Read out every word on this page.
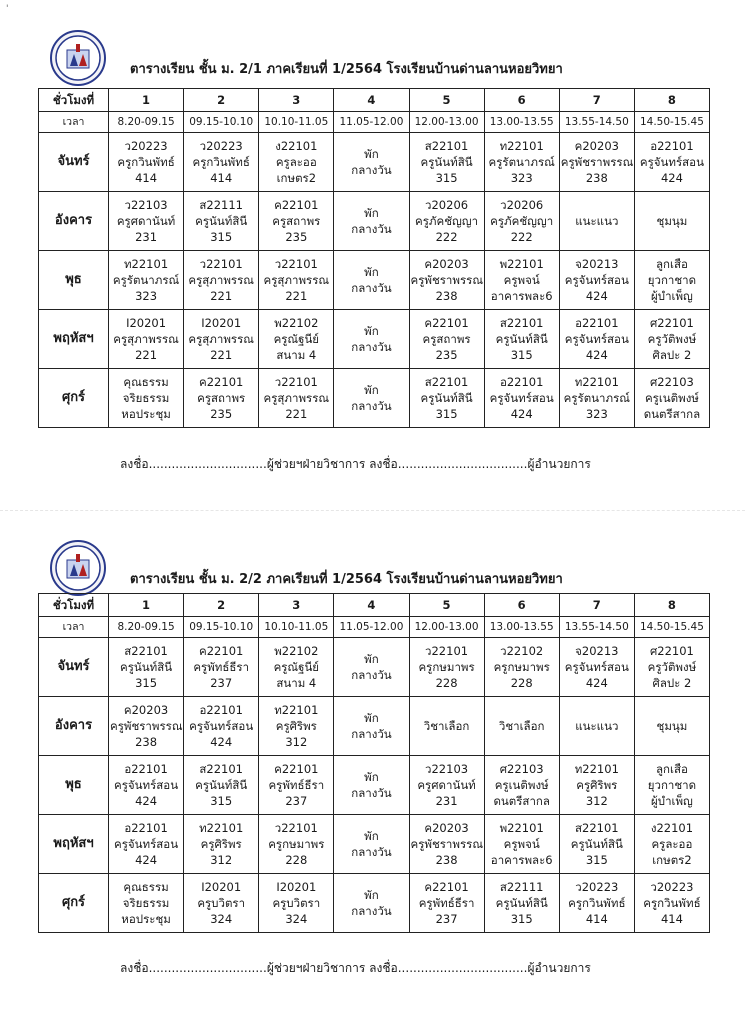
'
ตารางเรียน ชั้น ม. 2/1 ภาคเรียนที่ 1/2564 โรงเรียนบ้านด่านลานหอยวิทยา
ชั่วโมงที่	1	2	3	4	5	6	7	8
เวลา	8.20-09.15	09.15-10.10	10.10-11.05	11.05-12.00	12.00-13.00	13.00-13.55	13.55-14.50	14.50-15.45
จันทร์	ว20223
ครูกวินพัทธ์
414	ว20223
ครูกวินพัทธ์
414	ง22101
ครูละออ
เกษตร2	พัก
กลางวัน	ส22101
ครูนันท์สินี
315	ท22101
ครูรัตนาภรณ์
323	ค20203
ครูพัชราพรรณ
238	อ22101
ครูจันทร์สอน
424

อังคาร	ว22103
ครูศดานันท์
231	ส22111
ครูนันท์สินี
315	ค22101
ครูสถาพร
235	พัก
กลางวัน	ว20206
ครูภัคชัญญา
222	ว20206
ครูภัคชัญญา
222	แนะแนว	ชุมนุม

พุธ	ท22101
ครูรัตนาภรณ์
323	ว22101
ครูสุภาพรรณ
221	ว22101
ครูสุภาพรรณ
221	พัก
กลางวัน	ค20203
ครูพัชราพรรณ
238	พ22101
ครูพจน์
อาคารพละ6	จ20213
ครูจันทร์สอน
424	ลูกเสือ
ยุวกาชาด
ผู้บำเพ็ญ

พฤหัสฯ	I20201
ครูสุภาพรรณ
221	I20201
ครูสุภาพรรณ
221	พ22102
ครูณัฐนีย์
สนาม 4	พัก
กลางวัน	ค22101
ครูสถาพร
235	ส22101
ครูนันท์สินี
315	อ22101
ครูจันทร์สอน
424	ศ22101
ครูวัติพงษ์
ศิลปะ 2

ศุกร์	คุณธรรม
จริยธรรม
หอประชุม	ค22101
ครูสถาพร
235	ว22101
ครูสุภาพรรณ
221	พัก
กลางวัน	ส22101
ครูนันท์สินี
315	อ22101
ครูจันทร์สอน
424	ท22101
ครูรัตนาภรณ์
323	ศ22103
ครูเนติพงษ์
ดนตรีสากล
ลงชื่อ...............................ผู้ช่วยฯฝ่ายวิชาการ ลงชื่อ..................................ผู้อำนวยการ
ตารางเรียน ชั้น ม. 2/2 ภาคเรียนที่ 1/2564 โรงเรียนบ้านด่านลานหอยวิทยา
ชั่วโมงที่	1	2	3	4	5	6	7	8
เวลา	8.20-09.15	09.15-10.10	10.10-11.05	11.05-12.00	12.00-13.00	13.00-13.55	13.55-14.50	14.50-15.45
จันทร์	ส22101
ครูนันท์สินี
315	ค22101
ครูพัทธ์ธีรา
237	พ22102
ครูณัฐนีย์
สนาม 4	พัก
กลางวัน	ว22101
ครูกษมาพร
228	ว22102
ครูกษมาพร
228	จ20213
ครูจันทร์สอน
424	ศ22101
ครูวัติพงษ์
ศิลปะ 2

อังคาร	ค20203
ครูพัชราพรรณ
238	อ22101
ครูจันทร์สอน
424	ท22101
ครูศิริพร
312	พัก
กลางวัน	วิชาเลือก	วิชาเลือก	แนะแนว	ชุมนุม

พุธ	อ22101
ครูจันทร์สอน
424	ส22101
ครูนันท์สินี
315	ค22101
ครูพัทธ์ธีรา
237	พัก
กลางวัน	ว22103
ครูศดานันท์
231	ศ22103
ครูเนติพงษ์
ดนตรีสากล	ท22101
ครูศิริพร
312	ลูกเสือ
ยุวกาชาด
ผู้บำเพ็ญ

พฤหัสฯ	อ22101
ครูจันทร์สอน
424	ท22101
ครูศิริพร
312	ว22101
ครูกษมาพร
228	พัก
กลางวัน	ค20203
ครูพัชราพรรณ
238	พ22101
ครูพจน์
อาคารพละ6	ส22101
ครูนันท์สินี
315	ง22101
ครูละออ
เกษตร2

ศุกร์	คุณธรรม
จริยธรรม
หอประชุม	I20201
ครูบวิตรา
324	I20201
ครูบวิตรา
324	พัก
กลางวัน	ค22101
ครูพัทธ์ธีรา
237	ส22111
ครูนันท์สินี
315	ว20223
ครูกวินพัทธ์
414	ว20223
ครูกวินพัทธ์
414
ลงชื่อ...............................ผู้ช่วยฯฝ่ายวิชาการ ลงชื่อ..................................ผู้อำนวยการ
